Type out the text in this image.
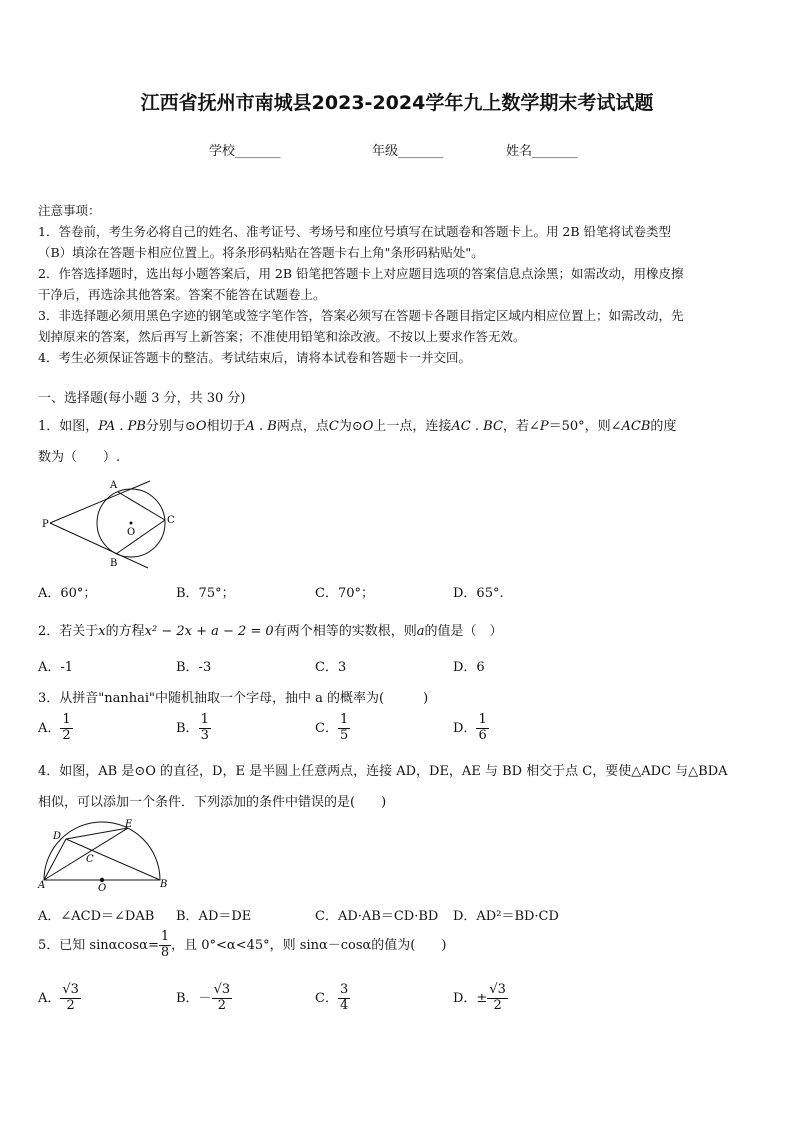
江西省抚州市南城县2023-2024学年九上数学期末考试试题
学校_______	年级_______	姓名_______
注意事项：
1．答卷前，考生务必将自己的姓名、准考证号、考场号和座位号填写在试题卷和答题卡上。用 2B 铅笔将试卷类型
（B）填涂在答题卡相应位置上。将条形码粘贴在答题卡右上角"条形码粘贴处"。
2．作答选择题时，选出每小题答案后，用 2B 铅笔把答题卡上对应题目选项的答案信息点涂黑；如需改动，用橡皮擦
干净后，再选涂其他答案。答案不能答在试题卷上。
3．非选择题必须用黑色字迹的钢笔或签字笔作答，答案必须写在答题卡各题目指定区域内相应位置上；如需改动，先
划掉原来的答案，然后再写上新答案；不准使用铅笔和涂改液。不按以上要求作答无效。
4．考生必须保证答题卡的整洁。考试结束后，请将本试卷和答题卡一并交回。
一、选择题(每小题 3 分，共 30 分)
1．如图，PA . PB分别与⊙O相切于A . B两点，点C为⊙O上一点，连接AC . BC，若∠P＝50°，则∠ACB的度
数为（　　）.
A
B
C
P
O
A．60°；	B．75°；	C．70°；	D．65°.
2．若关于x的方程x² − 2x + a − 2 = 0有两个相等的实数根，则a的值是（　）
A．-1	B．-3	C．3	D．6
3．从拼音"nanhai"中随机抽取一个字母，抽中 a 的概率为(　　　)
A． $\frac{1}{2}$	B． $\frac{1}{3}$	C． $\frac{1}{5}$	D． $\frac{1}{6}$
4．如图，AB 是⊙O 的直径，D，E 是半圆上任意两点，连接 AD，DE，AE 与 BD 相交于点 C，要使△ADC 与△BDA
相似，可以添加一个条件．下列添加的条件中错误的是(　　)
A	B
C
D
E
O
A．∠ACD＝∠DAB B．AD＝DE	C．AD·AB＝CD·BD D．AD²＝BD·CD
5．已知 $\sin\alpha\cos\alpha= \frac{1}{8}$ ，且 0°<α<45°，则 sinα－cosα的值为(　　)
A． $\frac{√3}{2}$	B．－ $\frac{√3}{2}$	C． $\frac{3}{4}$	D．± $\frac{√3}{2}$
